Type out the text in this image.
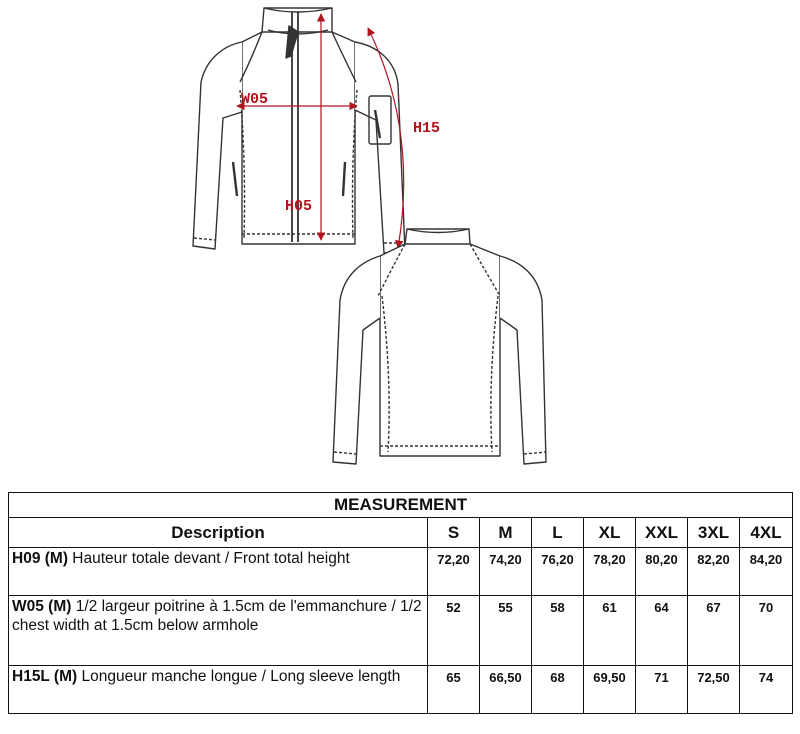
W05
H05
H15
MEASUREMENT							
Description	S	M	L	XL	XXL	3XL	4XL
H09 (M) Hauteur totale devant / Front total height	72,20	74,20	76,20	78,20	80,20	82,20	84,20
W05 (M) 1/2 largeur poitrine à 1.5cm de l'emmanchure / 1/2 chest width at 1.5cm below armhole	52	55	58	61	64	67	70
H15L (M) Longueur manche longue / Long sleeve length	65	66,50	68	69,50	71	72,50	74
